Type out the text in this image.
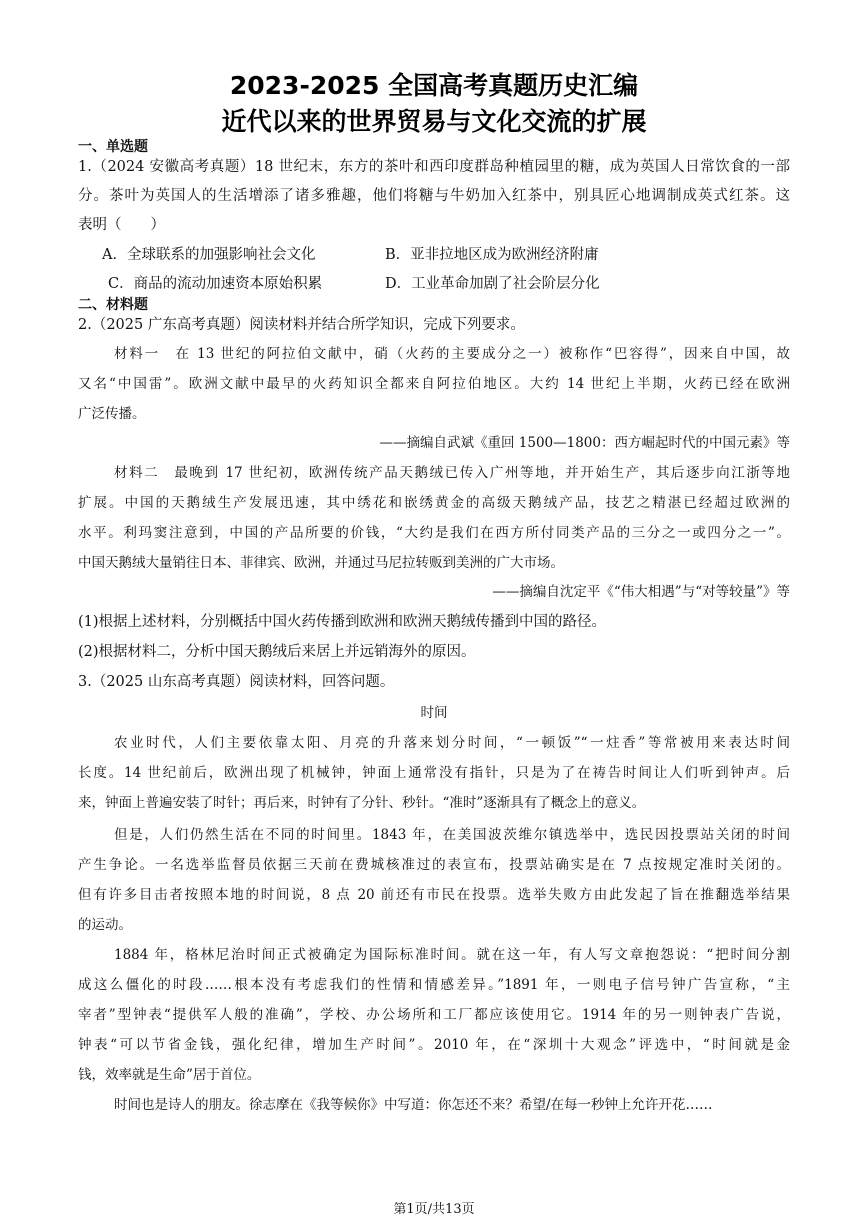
2023-2025 全国高考真题历史汇编
近代以来的世界贸易与文化交流的扩展
一、单选题
1.（2024 安徽高考真题）18 世纪末，东方的茶叶和西印度群岛种植园里的糖，成为英国人日常饮食的一部
分。茶叶为英国人的生活增添了诸多雅趣，他们将糖与牛奶加入红茶中，别具匠心地调制成英式红茶。这
表明（　　）
A．全球联系的加强影响社会文化	B．亚非拉地区成为欧洲经济附庸
C．商品的流动加速资本原始积累	D．工业革命加剧了社会阶层分化
二、材料题
2.（2025 广东高考真题）阅读材料并结合所学知识，完成下列要求。
材料一　在 13 世纪的阿拉伯文献中，硝（火药的主要成分之一）被称作“巴容得”，因来自中国，故
又名“中国雷”。欧洲文献中最早的火药知识全都来自阿拉伯地区。大约 14 世纪上半期，火药已经在欧洲
广泛传播。
——摘编自武斌《重回 1500—1800：西方崛起时代的中国元素》等
材料二　最晚到 17 世纪初，欧洲传统产品天鹅绒已传入广州等地，并开始生产，其后逐步向江浙等地
扩展。中国的天鹅绒生产发展迅速，其中绣花和嵌绣黄金的高级天鹅绒产品，技艺之精湛已经超过欧洲的
水平。利玛窦注意到，中国的产品所要的价钱，“大约是我们在西方所付同类产品的三分之一或四分之一”。
中国天鹅绒大量销往日本、菲律宾、欧洲，并通过马尼拉转贩到美洲的广大市场。
——摘编自沈定平《“伟大相遇”与“对等较量”》等
(1)根据上述材料，分别概括中国火药传播到欧洲和欧洲天鹅绒传播到中国的路径。
(2)根据材料二，分析中国天鹅绒后来居上并远销海外的原因。
3.（2025 山东高考真题）阅读材料，回答问题。
时间
农业时代，人们主要依靠太阳、月亮的升落来划分时间，“一顿饭”“一炷香”等常被用来表达时间
长度。14 世纪前后，欧洲出现了机械钟，钟面上通常没有指针，只是为了在祷告时间让人们听到钟声。后
来，钟面上普遍安装了时针；再后来，时钟有了分针、秒针。“准时”逐渐具有了概念上的意义。
但是，人们仍然生活在不同的时间里。1843 年，在美国波茨维尔镇选举中，选民因投票站关闭的时间
产生争论。一名选举监督员依据三天前在费城核准过的表宣布，投票站确实是在 7 点按规定准时关闭的。
但有许多目击者按照本地的时间说，8 点 20 前还有市民在投票。选举失败方由此发起了旨在推翻选举结果
的运动。
1884 年，格林尼治时间正式被确定为国际标准时间。就在这一年，有人写文章抱怨说：“把时间分割
成这么僵化的时段……根本没有考虑我们的性情和情感差异。”1891 年，一则电子信号钟广告宣称，“主
宰者”型钟表“提供军人般的准确”，学校、办公场所和工厂都应该使用它。1914 年的另一则钟表广告说，
钟表“可以节省金钱，强化纪律，增加生产时间”。2010 年，在“深圳十大观念”评选中，“时间就是金
钱，效率就是生命”居于首位。
时间也是诗人的朋友。徐志摩在《我等候你》中写道：你怎还不来？希望/在每一秒钟上允许开花……
第1页/共13页
